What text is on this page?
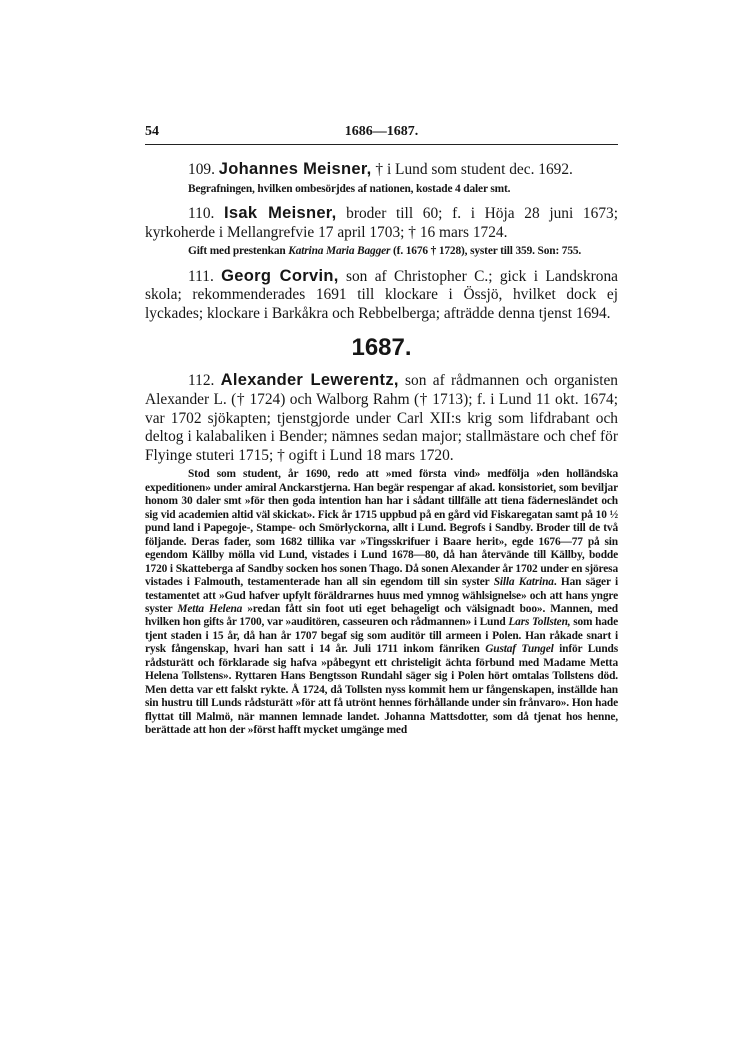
54	1686—1687.

109. Johannes Meisner, † i Lund som student dec. 1692.

Begrafningen, hvilken ombesörjdes af nationen, kostade 4 daler smt.

110. Isak Meisner, broder till 60; f. i Höja 28 juni 1673; kyrkoherde i Mellangrefvie 17 april 1703; † 16 mars 1724.

Gift med prestenkan Katrina Maria Bagger (f. 1676 † 1728), syster till 359. Son: 755.

111. Georg Corvin, son af Christopher C.; gick i Landskrona skola; rekommenderades 1691 till klockare i Össjö, hvilket dock ej lyckades; klockare i Barkåkra och Rebbelberga; afträdde denna tjenst 1694.

1687.

112. Alexander Lewerentz, son af rådmannen och organisten Alexander L. († 1724) och Walborg Rahm († 1713); f. i Lund 11 okt. 1674; var 1702 sjökapten; tjenstgjorde under Carl XII:s krig som lifdrabant och deltog i kalabaliken i Bender; nämnes sedan major; stallmästare och chef för Flyinge stuteri 1715; † ogift i Lund 18 mars 1720.

Stod som student, år 1690, redo att »med första vind» medfölja »den holländska expeditionen» under amiral Anckarstjerna. Han begär respengar af akad. konsistoriet, som beviljar honom 30 daler smt »för then goda intention han har i sådant tillfälle att tiena fädernesländet och sig vid academien altid väl skickat». Fick år 1715 uppbud på en gård vid Fiskaregatan samt på 10 ½ pund land i Papegoje-, Stampe- och Smörlyckorna, allt i Lund. Begrofs i Sandby. Broder till de två följande. Deras fader, som 1682 tillika var »Tingsskrifuer i Baare herit», egde 1676—77 på sin egendom Källby mölla vid Lund, vistades i Lund 1678—80, då han återvände till Källby, bodde 1720 i Skatteberga af Sandby socken hos sonen Thago. Då sonen Alexander år 1702 under en sjöresa vistades i Falmouth, testamenterade han all sin egendom till sin syster Silla Katrina. Han säger i testamentet att »Gud hafver upfylt föräldrarnes huus med ymnog wählsignelse» och att hans yngre syster Metta Helena »redan fått sin foot uti eget behageligt och välsignadt boo». Mannen, med hvilken hon gifts år 1700, var »auditören, casseuren och rådmannen» i Lund Lars Tollsten, som hade tjent staden i 15 år, då han år 1707 begaf sig som auditör till armeen i Polen. Han råkade snart i rysk fångenskap, hvari han satt i 14 år. Juli 1711 inkom fänriken Gustaf Tungel inför Lunds rådsturätt och förklarade sig hafva »påbegynt ett christeligit ächta förbund med Madame Metta Helena Tollstens». Ryttaren Hans Bengtsson Rundahl säger sig i Polen hört omtalas Tollstens död. Men detta var ett falskt rykte. Å 1724, då Tollsten nyss kommit hem ur fångenskapen, inställde han sin hustru till Lunds rådsturätt »för att få utrönt hennes förhållande under sin frånvaro». Hon hade flyttat till Malmö, när mannen lemnade landet. Johanna Mattsdotter, som då tjenat hos henne, berättade att hon der »först hafft mycket umgänge med
